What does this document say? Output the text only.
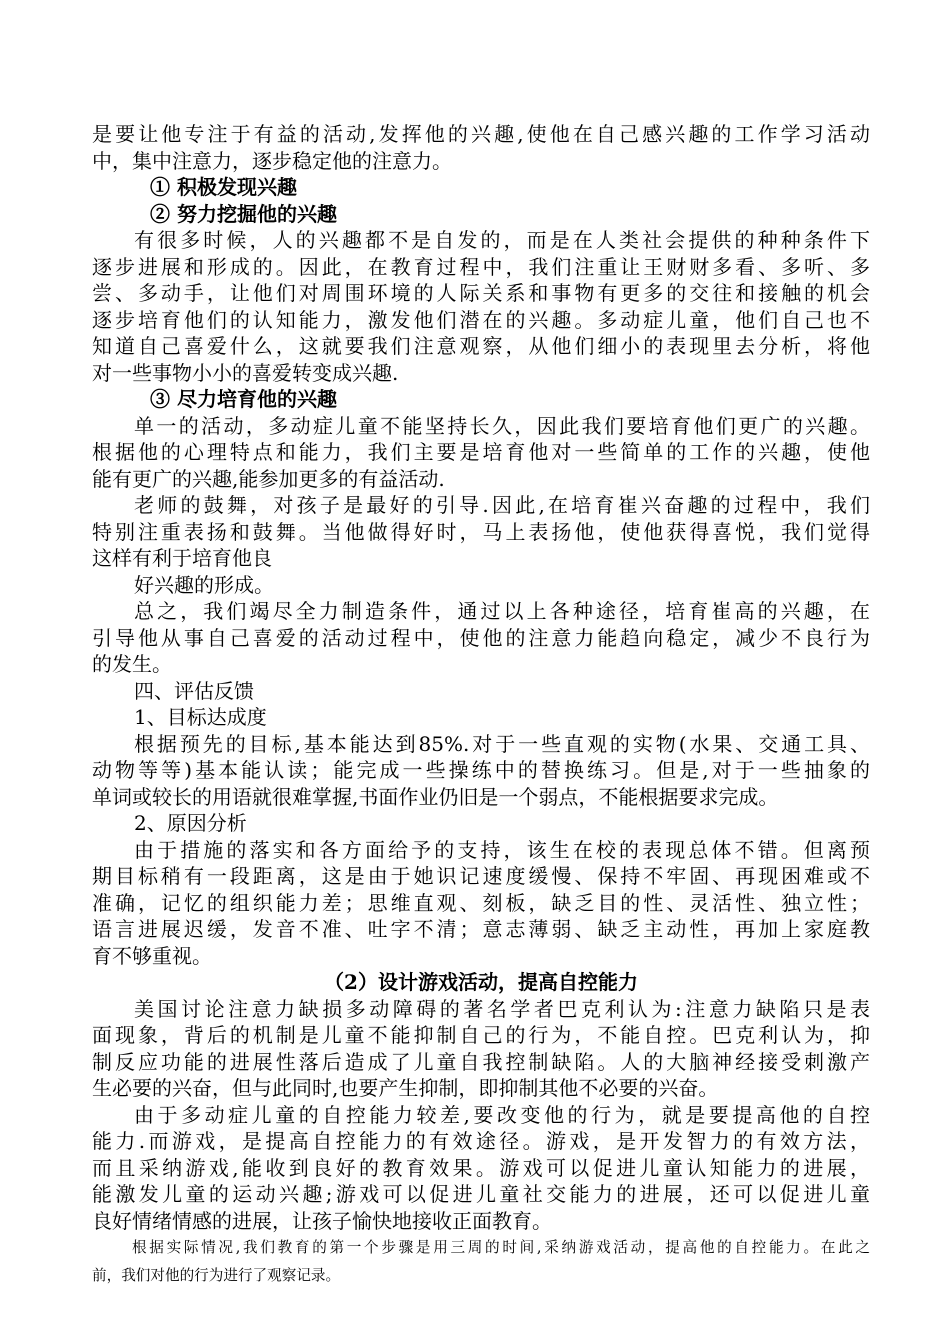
是要让他专注于有益的活动,发挥他的兴趣,使他在自己感兴趣的工作学习活动
中，集中注意力，逐步稳定他的注意力。
① 积极发现兴趣
② 努力挖掘他的兴趣
有很多时候，人的兴趣都不是自发的，而是在人类社会提供的种种条件下
逐步进展和形成的。因此，在教育过程中，我们注重让王财财多看、多听、多
尝、多动手，让他们对周围环境的人际关系和事物有更多的交往和接触的机会
逐步培育他们的认知能力，激发他们潜在的兴趣。多动症儿童，他们自己也不
知道自己喜爱什么，这就要我们注意观察，从他们细小的表现里去分析，将他
对一些事物小小的喜爱转变成兴趣.
③ 尽力培育他的兴趣
单一的活动，多动症儿童不能坚持长久，因此我们要培育他们更广的兴趣。
根据他的心理特点和能力，我们主要是培育他对一些简单的工作的兴趣，使他
能有更广的兴趣,能参加更多的有益活动.
老师的鼓舞，对孩子是最好的引导.因此,在培育崔兴奋趣的过程中，我们
特别注重表扬和鼓舞。当他做得好时，马上表扬他，使他获得喜悦，我们觉得
这样有利于培育他良
好兴趣的形成。
总之，我们竭尽全力制造条件，通过以上各种途径，培育崔高的兴趣，在
引导他从事自己喜爱的活动过程中，使他的注意力能趋向稳定，减少不良行为
的发生。
四、评估反馈
1、目标达成度
根据预先的目标,基本能达到85%.对于一些直观的实物(水果、交通工具、
动物等等)基本能认读；能完成一些操练中的替换练习。但是,对于一些抽象的
单词或较长的用语就很难掌握,书面作业仍旧是一个弱点，不能根据要求完成。
2、原因分析
由于措施的落实和各方面给予的支持，该生在校的表现总体不错。但离预
期目标稍有一段距离，这是由于她识记速度缓慢、保持不牢固、再现困难或不
准确，记忆的组织能力差；思维直观、刻板，缺乏目的性、灵活性、独立性；
语言进展迟缓，发音不准、吐字不清；意志薄弱、缺乏主动性，再加上家庭教
育不够重视。
（2）设计游戏活动，提高自控能力
美国讨论注意力缺损多动障碍的著名学者巴克利认为:注意力缺陷只是表
面现象，背后的机制是儿童不能抑制自己的行为，不能自控。巴克利认为，抑
制反应功能的进展性落后造成了儿童自我控制缺陷。人的大脑神经接受刺激产
生必要的兴奋，但与此同时,也要产生抑制，即抑制其他不必要的兴奋。
由于多动症儿童的自控能力较差,要改变他的行为，就是要提高他的自控
能力.而游戏，是提高自控能力的有效途径。游戏，是开发智力的有效方法，
而且采纳游戏,能收到良好的教育效果。游戏可以促进儿童认知能力的进展，
能激发儿童的运动兴趣;游戏可以促进儿童社交能力的进展，还可以促进儿童
良好情绪情感的进展，让孩子愉快地接收正面教育。
根据实际情况,我们教育的第一个步骤是用三周的时间,采纳游戏活动，提高他的自控能力。在此之
前，我们对他的行为进行了观察记录。
